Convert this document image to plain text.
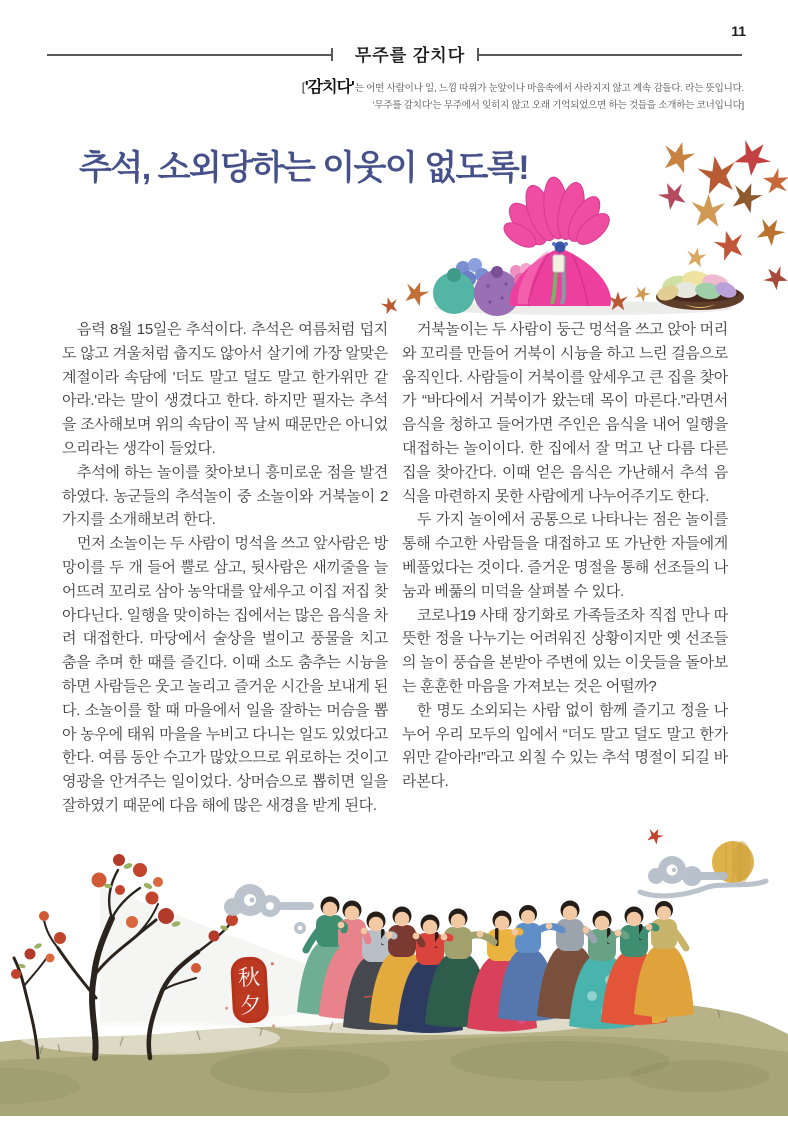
무주를 감치다
11
['감치다'는 어떤 사람이나 일, 느낌 따위가 눈앞이나 마음속에서 사라지지 않고 계속 감돌다. 라는 뜻입니다.
'무주를 감치다'는 무주에서 잊히지 않고 오래 기억되었으면 하는 것들을 소개하는 코너입니다]
추석, 소외당하는 이웃이 없도록!

음력 8월 15일은 추석이다. 추석은 여름처럼 덥지도 않고 겨울처럼 춥지도 않아서 살기에 가장 알맞은 계절이라 속담에 '더도 말고 덜도 말고 한가위만 같아라.'라는 말이 생겼다고 한다. 하지만 필자는 추석을 조사해보며 위의 속담이 꼭 날씨 때문만은 아니었으리라는 생각이 들었다.

추석에 하는 놀이를 찾아보니 흥미로운 점을 발견하였다. 농군들의 추석놀이 중 소놀이와 거북놀이 2가지를 소개해보려 한다.

먼저 소놀이는 두 사람이 멍석을 쓰고 앞사람은 방망이를 두 개 들어 뿔로 삼고, 뒷사람은 새끼줄을 늘어뜨려 꼬리로 삼아 농악대를 앞세우고 이집 저집 찾아다닌다. 일행을 맞이하는 집에서는 많은 음식을 차려 대접한다. 마당에서 술상을 벌이고 풍물을 치고 춤을 추며 한 때를 즐긴다. 이때 소도 춤추는 시늉을 하면 사람들은 웃고 놀리고 즐거운 시간을 보내게 된다. 소놀이를 할 때 마을에서 일을 잘하는 머슴을 뽑아 농우에 태워 마을을 누비고 다니는 일도 있었다고 한다. 여름 동안 수고가 많았으므로 위로하는 것이고 영광을 안겨주는 일이었다. 상머슴으로 뽑히면 일을 잘하였기 때문에 다음 해에 많은 새경을 받게 된다.

거북놀이는 두 사람이 둥근 멍석을 쓰고 앉아 머리와 꼬리를 만들어 거북이 시늉을 하고 느린 걸음으로 움직인다. 사람들이 거북이를 앞세우고 큰 집을 찾아가 “바다에서 거북이가 왔는데 목이 마른다.”라면서 음식을 청하고 들어가면 주인은 음식을 내어 일행을 대접하는 놀이이다. 한 집에서 잘 먹고 난 다름 다른 집을 찾아간다. 이때 얻은 음식은 가난해서 추석 음식을 마련하지 못한 사람에게 나누어주기도 한다.

두 가지 놀이에서 공통으로 나타나는 점은 놀이를 통해 수고한 사람들을 대접하고 또 가난한 자들에게 베풀었다는 것이다. 즐거운 명절을 통해 선조들의 나눔과 베풂의 미덕을 살펴볼 수 있다.

코로나19 사태 장기화로 가족들조차 직접 만나 따뜻한 정을 나누기는 어려워진 상황이지만 옛 선조들의 놀이 풍습을 본받아 주변에 있는 이웃들을 돌아보는 훈훈한 마음을 가져보는 것은 어떨까?

한 명도 소외되는 사람 없이 함께 즐기고 정을 나누어 우리 모두의 입에서 “더도 말고 덜도 말고 한가위만 같아라!”라고 외칠 수 있는 추석 명절이 되길 바라본다.

秋
夕
